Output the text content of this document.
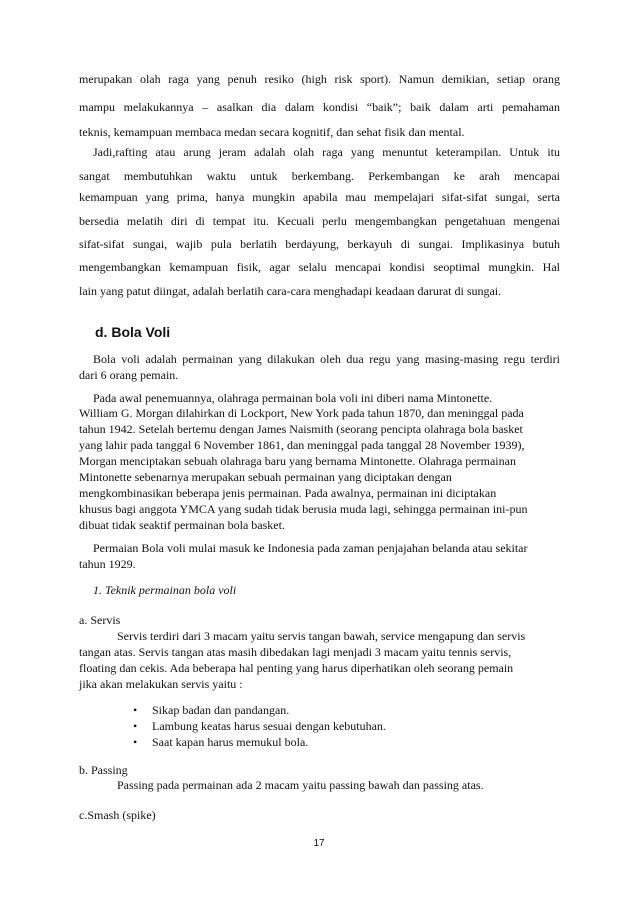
merupakan olah raga yang penuh resiko (high risk sport). Namun demikian, setiap orang
mampu melakukannya – asalkan dia dalam kondisi “baik”; baik dalam arti pemahaman
teknis, kemampuan membaca medan secara kognitif, dan sehat fisik dan mental.
Jadi,rafting atau arung jeram adalah olah raga yang menuntut keterampilan. Untuk itu
sangat membutuhkan waktu untuk berkembang. Perkembangan ke arah mencapai
kemampuan yang prima, hanya mungkin apabila mau mempelajari sifat-sifat sungai, serta
bersedia melatih diri di tempat itu. Kecuali perlu mengembangkan pengetahuan mengenai
sifat-sifat sungai, wajib pula berlatih berdayung, berkayuh di sungai. Implikasinya butuh
mengembangkan kemampuan fisik, agar selalu mencapai kondisi seoptimal mungkin. Hal
lain yang patut diingat, adalah berlatih cara-cara menghadapi keadaan darurat di sungai.
d. Bola Voli
Bola voli adalah permainan yang dilakukan oleh dua regu yang masing-masing regu terdiri
dari 6 orang pemain.
Pada awal penemuannya, olahraga permainan bola voli ini diberi nama Mintonette.
William G. Morgan dilahirkan di Lockport, New York pada tahun 1870, dan meninggal pada
tahun 1942. Setelah bertemu dengan James Naismith (seorang pencipta olahraga bola basket
yang lahir pada tanggal 6 November 1861, dan meninggal pada tanggal 28 November 1939),
Morgan menciptakan sebuah olahraga baru yang bernama Mintonette. Olahraga permainan
Mintonette sebenarnya merupakan sebuah permainan yang diciptakan dengan
mengkombinasikan beberapa jenis permainan. Pada awalnya, permainan ini diciptakan
khusus bagi anggota YMCA yang sudah tidak berusia muda lagi, sehingga permainan ini-pun
dibuat tidak seaktif permainan bola basket.
Permaian Bola voli mulai masuk ke Indonesia pada zaman penjajahan belanda atau sekitar
tahun 1929.
1. Teknik permainan bola voli
a. Servis
Servis terdiri dari 3 macam yaitu servis tangan bawah, service mengapung dan servis
tangan atas. Servis tangan atas masih dibedakan lagi menjadi 3 macam yaitu tennis servis,
floating dan cekis. Ada beberapa hal penting yang harus diperhatikan oleh seorang pemain
jika akan melakukan servis yaitu :
• Sikap badan dan pandangan.
• Lambung keatas harus sesuai dengan kebutuhan.
• Saat kapan harus memukul bola.
b. Passing
Passing pada permainan ada 2 macam yaitu passing bawah dan passing atas.
c.Smash (spike)
17
